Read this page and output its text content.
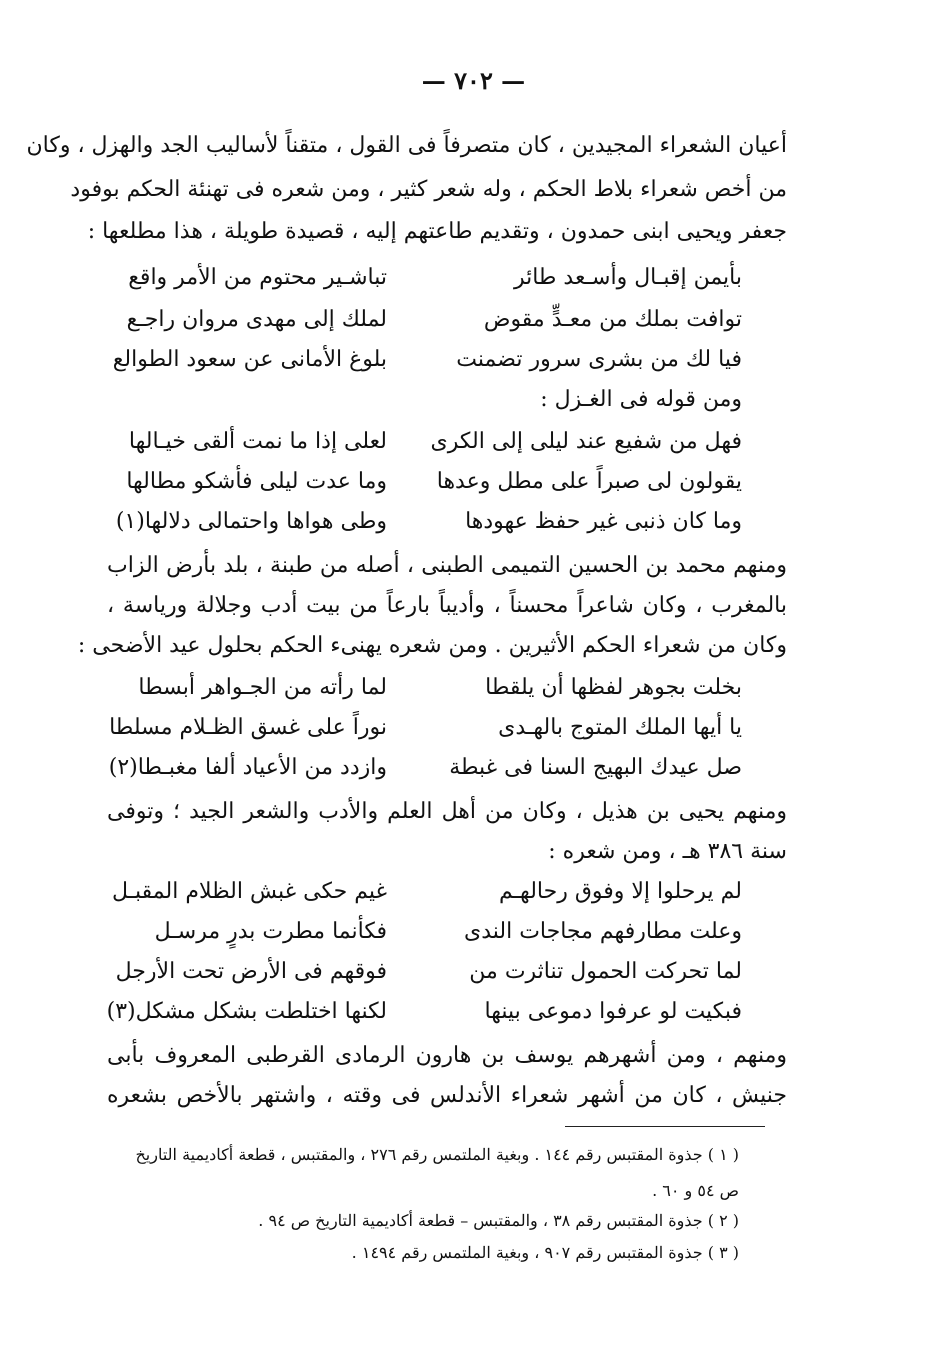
— ٧٠٢ —
أعيان الشعراء المجيدين ، كان متصرفاً فى القول ، متقناً لأساليب الجد والهزل ، وكان
من أخص شعراء بلاط الحكم ، وله شعر كثير ، ومن شعره فى تهنئة الحكم بوفود
جعفر ويحيى ابنى حمدون ، وتقديم طاعتهم إليه ، قصيدة طويلة ، هذا مطلعها :
بأيمن إقبـال وأسـعد طائر
تباشـير محتوم من الأمر واقع
توافت بملك من معـدٍّ مقوض
لملك إلى مهدى مروان راجـع
فيا لك من بشرى سرور تضمنت
بلوغ الأمانى عن سعود الطوالع
ومن قوله فى الغـزل :
فهل من شفيع عند ليلى إلى الكرى
لعلى إذا ما نمت ألقى خيـالها
يقولون لى صبراً على مطل وعدها
وما عدت ليلى فأشكو مطالها
وما كان ذنبى غير حفظ عهودها
وطى هواها واحتمالى دلالها(١)
ومنهم محمد بن الحسين التميمى الطبنى ، أصله من طبنة ، بلد بأرض الزاب
بالمغرب ، وكان شاعراً محسناً ، وأديباً بارعاً من بيت أدب وجلالة ورياسة ،
وكان من شعراء الحكم الأثيرين . ومن شعره يهنىء الحكم بحلول عيد الأضحى :
بخلت بجوهر لفظها أن يلقطا
لما رأته من الجـواهر أبسطا
يا أيها الملك المتوج بالهـدى
نوراً على غسق الظـلام مسلطا
صل عيدك البهيج السنا فى غبطة
وازدد من الأعياد ألفا مغبـطا(٢)
ومنهم يحيى بن هذيل ، وكان من أهل العلم والأدب والشعر الجيد ؛ وتوفى
سنة ٣٨٦ هـ ، ومن شعره :
لم يرحلوا إلا وفوق رحالهـم
غيم حكى غبش الظلام المقبـل
وعلت مطارفهم مجاجات الندى
فكأنما مطرت بدرٍ مرسـل
لما تحركت الحمول تناثرت من
فوقهم فى الأرض تحت الأرجل
فبكيت لو عرفوا دموعى بينها
لكنها اختلطت بشكل مشكل(٣)
ومنهم ، ومن أشهرهم يوسف بن هارون الرمادى القرطبى المعروف بأبى
جنيش ، كان من أشهر شعراء الأندلس فى وقته ، واشتهر بالأخص بشعره
( ١ ) جذوة المقتبس رقم ١٤٤ . وبغية الملتمس رقم ٢٧٦ ، والمقتبس ، قطعة أكاديمية التاريخ
ص ٥٤ و ٦٠ .
( ٢ ) جذوة المقتبس رقم ٣٨ ، والمقتبس – قطعة أكاديمية التاريخ ص ٩٤ .
( ٣ ) جذوة المقتبس رقم ٩٠٧ ، وبغية الملتمس رقم ١٤٩٤ .
